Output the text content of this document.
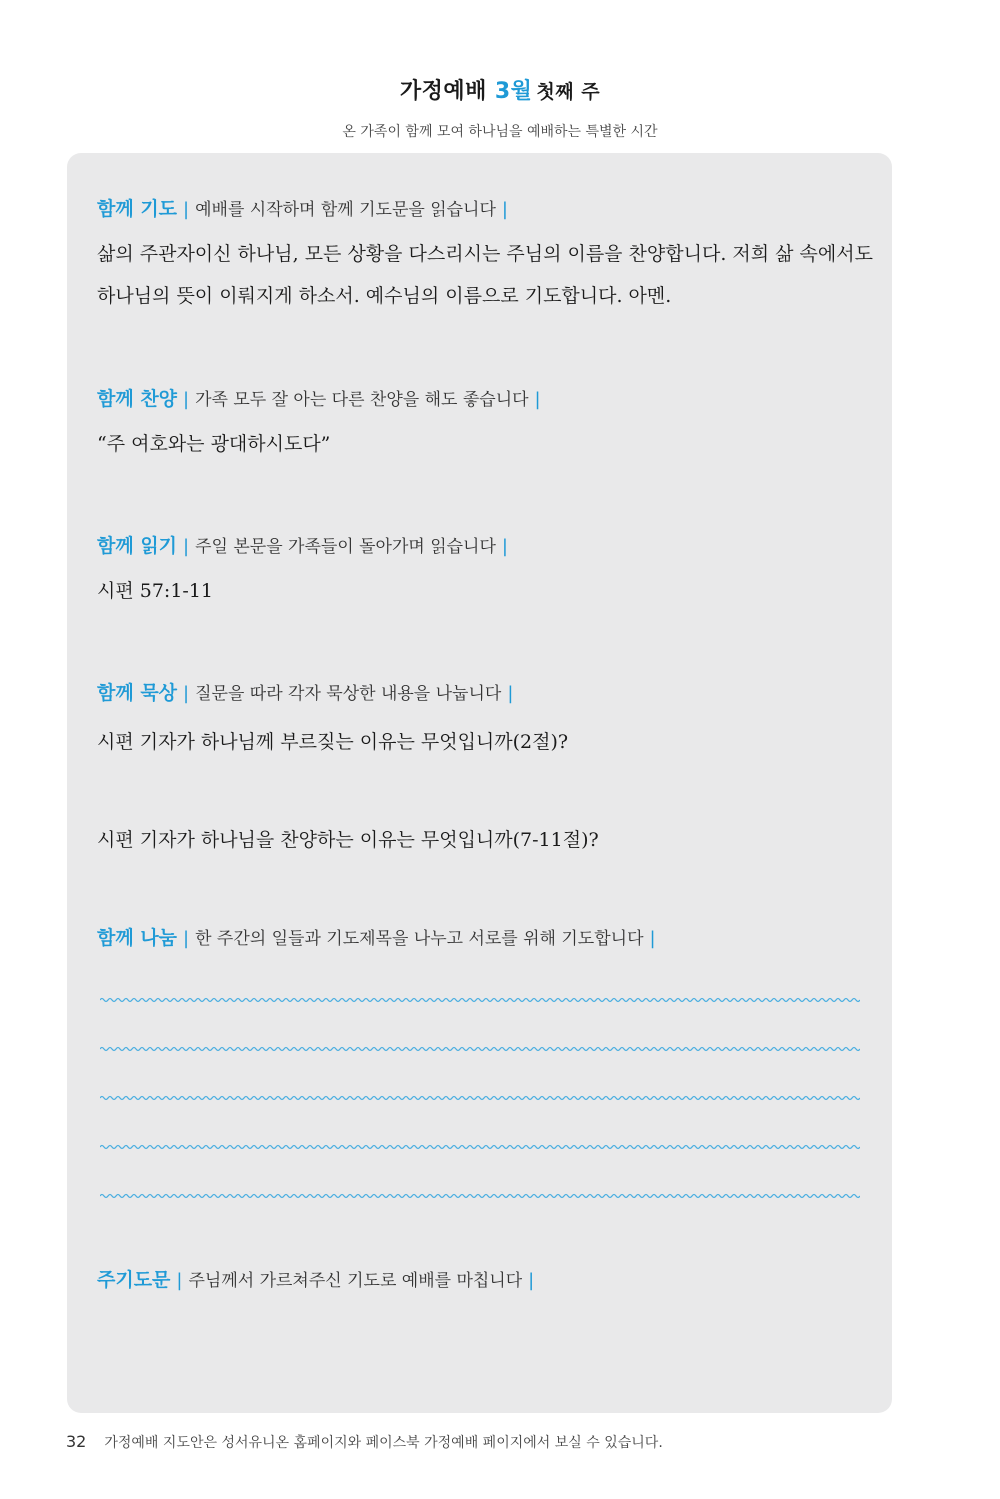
가정예배 3월 첫째 주
온 가족이 함께 모여 하나님을 예배하는 특별한 시간
함께 기도 | 예배를 시작하며 함께 기도문을 읽습니다 |
삶의 주관자이신 하나님, 모든 상황을 다스리시는 주님의 이름을 찬양합니다. 저희 삶 속에서도 하나님의 뜻이 이뤄지게 하소서. 예수님의 이름으로 기도합니다. 아멘.
함께 찬양 | 가족 모두 잘 아는 다른 찬양을 해도 좋습니다 |
“주 여호와는 광대하시도다”
함께 읽기 | 주일 본문을 가족들이 돌아가며 읽습니다 |
시편 57:1-11
함께 묵상 | 질문을 따라 각자 묵상한 내용을 나눕니다 |
시편 기자가 하나님께 부르짖는 이유는 무엇입니까(2절)?
시편 기자가 하나님을 찬양하는 이유는 무엇입니까(7-11절)?
함께 나눔 | 한 주간의 일들과 기도제목을 나누고 서로를 위해 기도합니다 |
주기도문 | 주님께서 가르쳐주신 기도로 예배를 마칩니다 |
32 가정예배 지도안은 성서유니온 홈페이지와 페이스북 가정예배 페이지에서 보실 수 있습니다.
